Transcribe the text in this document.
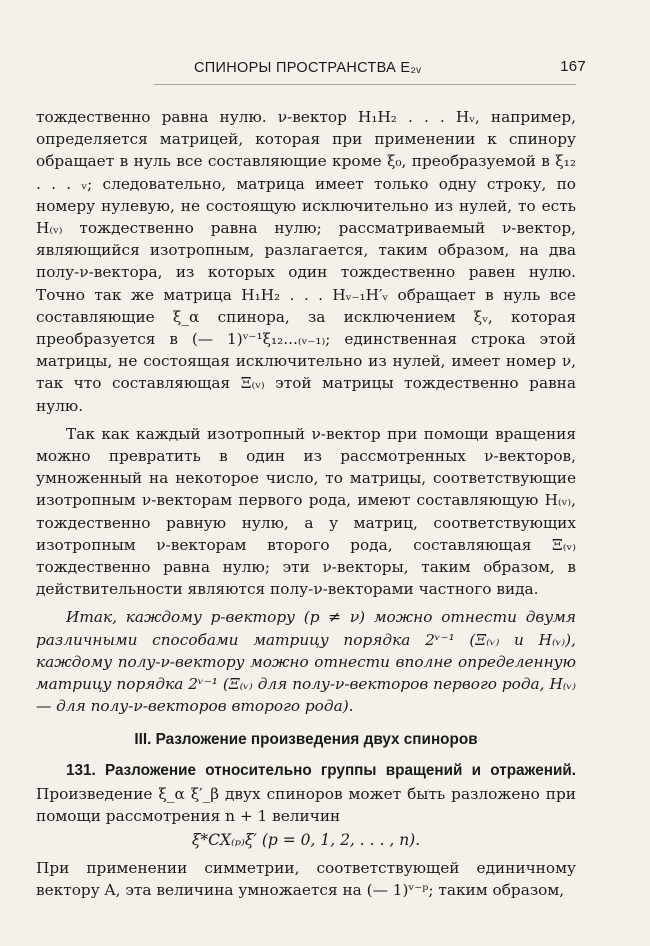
СПИНОРЫ ПРОСТРАНСТВА E₂ᵥ	167

тождественно равна нулю. ν-вектор H₁H₂ . . . Hᵥ, например, определяется матрицей, которая при применении к спинору обращает в нуль все составляющие кроме ξ₀, преобразуемой в ξ₁₂ . . . ᵥ; следовательно, матрица имеет только одну строку, по номеру нулевую, не состоящую исключительно из нулей, то есть H₍ᵥ₎ тождественно равна нулю; рассматриваемый ν-вектор, являющийся изотропным, разлагается, таким образом, на два полу-ν-вектора, из которых один тождественно равен нулю. Точно так же матрица H₁H₂ . . . Hᵥ₋₁H′ᵥ обращает в нуль все составляющие ξ_α спинора, за исключением ξᵥ, которая преобразуется в (— 1)ᵛ⁻¹ξ₁₂...₍ᵥ₋₁₎; единственная строка этой матрицы, не состоящая исключительно из нулей, имеет номер ν, так что составляющая Ξ₍ᵥ₎ этой матрицы тождественно равна нулю.

Так как каждый изотропный ν-вектор при помощи вращения можно превратить в один из рассмотренных ν-векторов, умноженный на некоторое число, то матрицы, соответствующие изотропным ν-векторам первого рода, имеют составляющую H₍ᵥ₎, тождественно равную нулю, а у матриц, соответствующих изотропным ν-векторам второго рода, составляющая Ξ₍ᵥ₎ тождественно равна нулю; эти ν-векторы, таким образом, в действительности являются полу-ν-векторами частного вида.

Итак, каждому р-вектору (p ≠ ν) можно отнести двумя различными способами матрицу порядка 2ᵛ⁻¹ (Ξ₍ᵥ₎ и H₍ᵥ₎), каждому полу-ν-вектору можно отнести вполне определенную матрицу порядка 2ᵛ⁻¹ (Ξ₍ᵥ₎ для полу-ν-векторов первого рода, H₍ᵥ₎ — для полу-ν-векторов второго рода).

III. Разложение произведения двух спиноров

131. Разложение относительно группы вращений и отражений. Произведение ξ_α ξ′_β двух спиноров может быть разложено при помощи рассмотрения n + 1 величин

ξ*CX₍ₚ₎ξ′ (p = 0, 1, 2, . . . , n).

При применении симметрии, соответствующей единичному вектору A, эта величина умножается на (— 1)ᵛ⁻ᵖ; таким образом,
